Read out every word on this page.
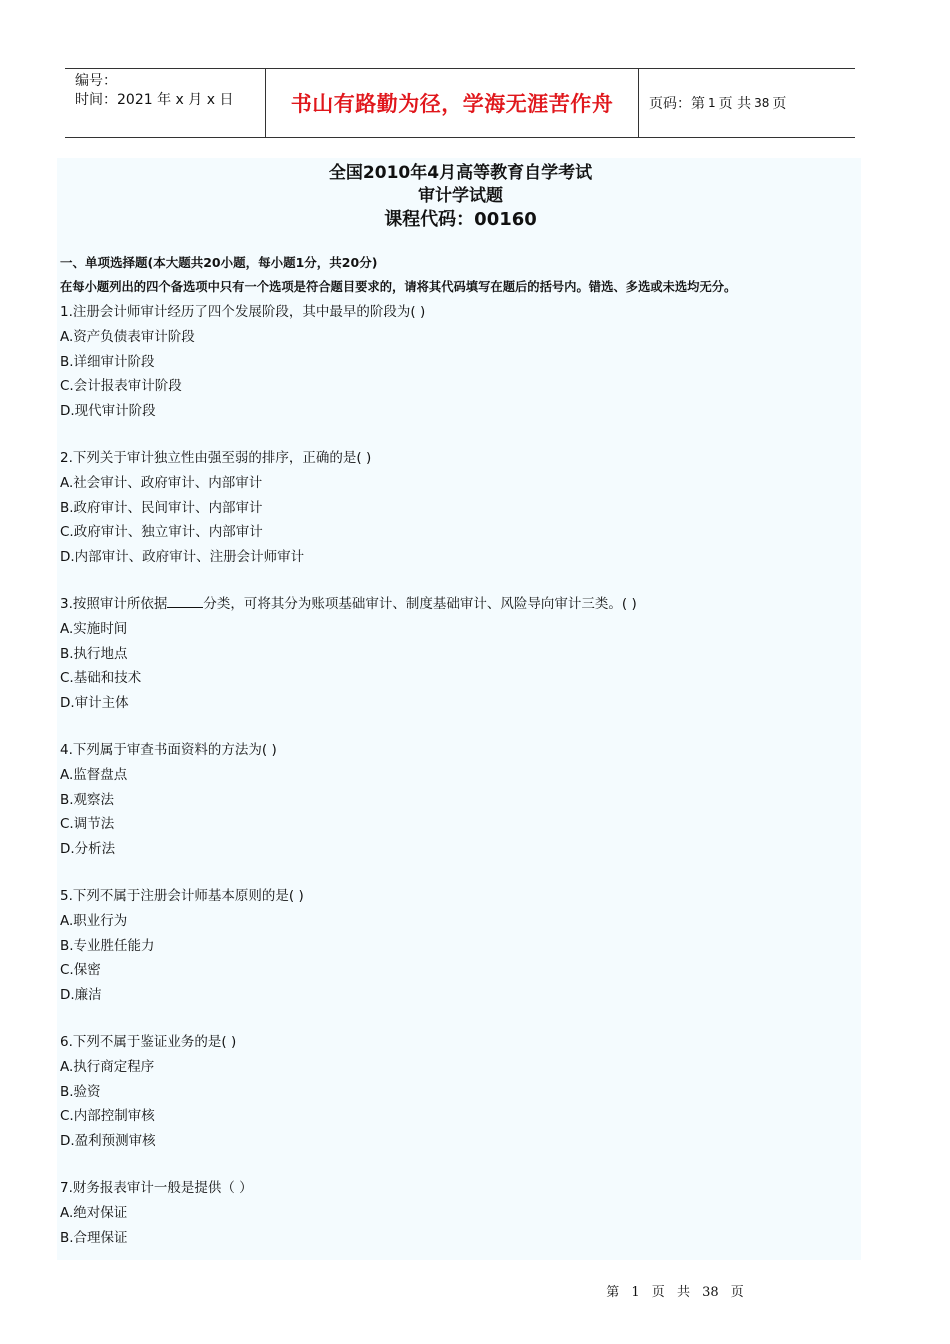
编号：
时间：2021 年 x 月 x 日	书山有路勤为径，学海无涯苦作舟	页码：第 1 页 共 38 页
全国2010年4月高等教育自学考试
审计学试题
课程代码：00160
一、单项选择题(本大题共20小题，每小题1分，共20分)
在每小题列出的四个备选项中只有一个选项是符合题目要求的，请将其代码填写在题后的括号内。错选、多选或未选均无分。
1.注册会计师审计经历了四个发展阶段，其中最早的阶段为( )
A.资产负债表审计阶段
B.详细审计阶段
C.会计报表审计阶段
D.现代审计阶段
2.下列关于审计独立性由强至弱的排序，正确的是( )
A.社会审计、政府审计、内部审计
B.政府审计、民间审计、内部审计
C.政府审计、独立审计、内部审计
D.内部审计、政府审计、注册会计师审计
3.按照审计所依据	分类，可将其分为账项基础审计、制度基础审计、风险导向审计三类。( )
A.实施时间
B.执行地点
C.基础和技术
D.审计主体
4.下列属于审查书面资料的方法为( )
A.监督盘点
B.观察法
C.调节法
D.分析法
5.下列不属于注册会计师基本原则的是( )
A.职业行为
B.专业胜任能力
C.保密
D.廉洁
6.下列不属于鉴证业务的是( )
A.执行商定程序
B.验资
C.内部控制审核
D.盈利预测审核
7.财务报表审计一般是提供（ ）
A.绝对保证
B.合理保证
第 1 页 共 38 页
